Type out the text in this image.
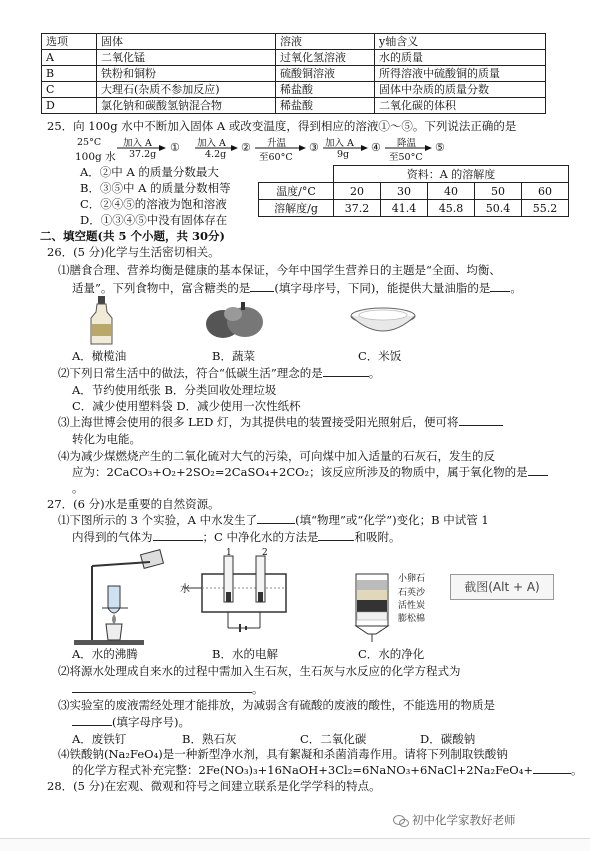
选项	固体	溶液	y轴含义
A	二氧化锰	过氧化氢溶液	水的质量
B	铁粉和铜粉	硫酸铜溶液	所得溶液中硫酸铜的质量
C	大理石(杂质不参加反应)	稀盐酸	固体中杂质的质量分数
D	氯化钠和碳酸氢钠混合物	稀盐酸	二氧化碳的体积
25．向 100g 水中不断加入固体 A 或改变温度，得到相应的溶液①～⑤。下列说法正确的是
25°C
100g 水
加入 A
37.2g
① 加入 A
4.2g
② 升温
至60°C
③ 加入 A
9g
④ 降温
至50°C
⑤
A．②中 A 的质量分数最大
B．③⑤中 A 的质量分数相等
C．②④⑤的溶液为饱和溶液
D．①③④⑤中没有固体存在
	资料：A 的溶解度				
温度/°C	20	30	40	50	60
溶解度/g	37.2	41.4	45.8	50.4	55.2
二、填空题(共 5 个小题，共 30分)
26．(5 分)化学与生活密切相关。
⑴膳食合理、营养均衡是健康的基本保证，今年中国学生营养日的主题是“全面、均衡、
适量”。下列食物中，富含糖类的是 (填字母序号，下同)，能提供大量油脂的是 。
A．橄榄油	B．蔬菜	C．米饭
⑵下列日常生活中的做法，符合“低碳生活”理念的是	。
A．节约使用纸张 B．分类回收处理垃圾
C．减少使用塑料袋 D．减少使用一次性纸杯
⑶上海世博会使用的很多 LED 灯，为其提供电的装置接受阳光照射后，便可将
转化为电能。
⑷为减少煤燃烧产生的二氧化硫对大气的污染，可向煤中加入适量的石灰石，发生的反
应为：2CaCO₃+O₂+2SO₂=2CaSO₄+2CO₂；该反应所涉及的物质中，属于氧化物的是
。
27．(6 分)水是重要的自然资源。
⑴下图所示的 3 个实验，A 中水发生了	(填“物理”或“化学”)变化；B 中试管 1
内得到的气体为	；C 中净化水的方法是	和吸附。
水
1	2
小卵石
石英沙
活性炭
膨松棉
截图(Alt + A)
A．水的沸腾	B．水的电解	C．水的净化
⑵将源水处理成自来水的过程中需加入生石灰，生石灰与水反应的化学方程式为
。
⑶实验室的废液需经处理才能排放，为减弱含有硫酸的废液的酸性，不能选用的物质是
(填字母序号)。
A．废铁钉	B．熟石灰	C．二氧化碳	D．碳酸钠
⑷铁酸钠(Na₂FeO₄)是一种新型净水剂，具有絮凝和杀菌消毒作用。请将下列制取铁酸钠
的化学方程式补充完整：2Fe(NO₃)₃+16NaOH+3Cl₂=6NaNO₃+6NaCl+2Na₂FeO₄+	。
28．(5 分)在宏观、微观和符号之间建立联系是化学学科的特点。
初中化学家教好老师
